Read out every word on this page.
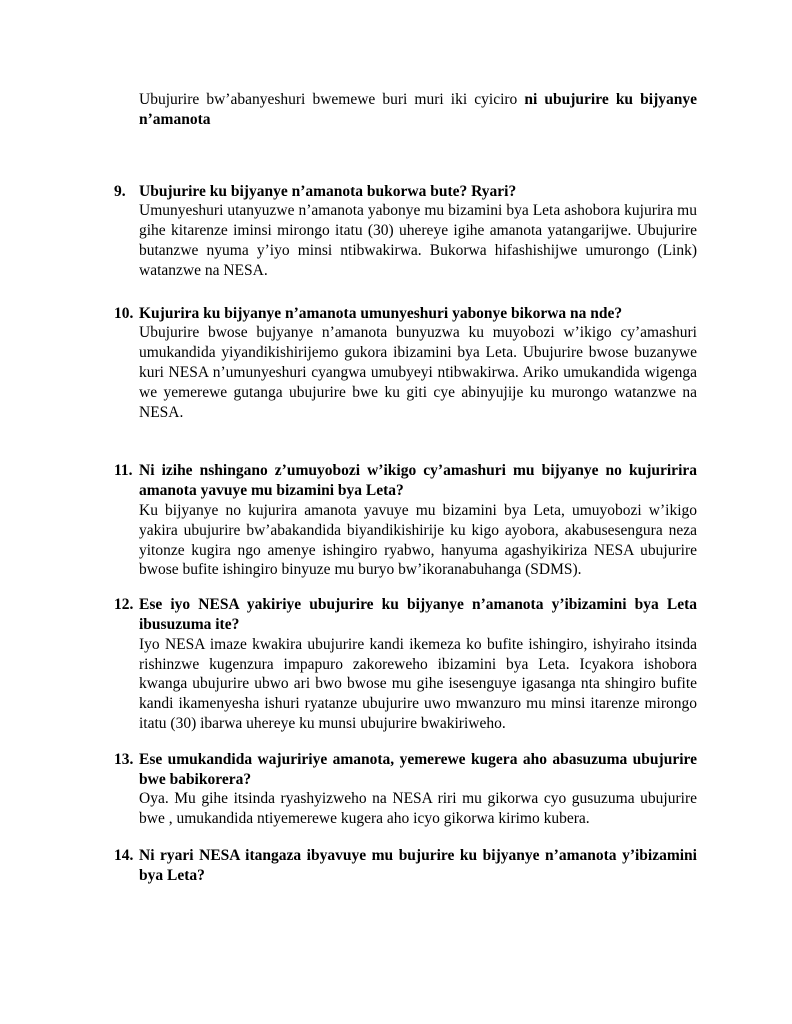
Ubujurire bw’abanyeshuri bwemewe buri muri iki cyiciro ni ubujurire ku bijyanye n’amanota

9. Ubujurire ku bijyanye n’amanota bukorwa bute? Ryari?
Umunyeshuri utanyuzwe n’amanota yabonye mu bizamini bya Leta ashobora kujurira mu gihe kitarenze iminsi mirongo itatu (30) uhereye igihe amanota yatangarijwe. Ubujurire butanzwe nyuma y’iyo minsi ntibwakirwa. Bukorwa hifashishijwe umurongo (Link) watanzwe na NESA.
10. Kujurira ku bijyanye n’amanota umunyeshuri yabonye bikorwa na nde?
Ubujurire bwose bujyanye n’amanota bunyuzwa ku muyobozi w’ikigo cy’amashuri umukandida yiyandikishirijemo gukora ibizamini bya Leta. Ubujurire bwose buzanywe kuri NESA n’umunyeshuri cyangwa umubyeyi ntibwakirwa. Ariko umukandida wigenga we yemerewe gutanga ubujurire bwe ku giti cye abinyujije ku murongo watanzwe na NESA.
11. Ni izihe nshingano z’umuyobozi w’ikigo cy’amashuri mu bijyanye no kujuririra amanota yavuye mu bizamini bya Leta?
Ku bijyanye no kujurira amanota yavuye mu bizamini bya Leta, umuyobozi w’ikigo yakira ubujurire bw’abakandida biyandikishirije ku kigo ayobora, akabusesengura neza yitonze kugira ngo amenye ishingiro ryabwo, hanyuma agashyikiriza NESA ubujurire bwose bufite ishingiro binyuze mu buryo bw’ikoranabuhanga (SDMS).
12. Ese iyo NESA yakiriye ubujurire ku bijyanye n’amanota y’ibizamini bya Leta ibusuzuma ite?
Iyo NESA imaze kwakira ubujurire kandi ikemeza ko bufite ishingiro, ishyiraho itsinda rishinzwe kugenzura impapuro zakoreweho ibizamini bya Leta. Icyakora ishobora kwanga ubujurire ubwo ari bwo bwose mu gihe isesenguye igasanga nta shingiro bufite kandi ikamenyesha ishuri ryatanze ubujurire uwo mwanzuro mu minsi itarenze mirongo itatu (30) ibarwa uhereye ku munsi ubujurire bwakiriweho.
13. Ese umukandida wajuririye amanota, yemerewe kugera aho abasuzuma ubujurire bwe babikorera?
Oya. Mu gihe itsinda ryashyizweho na NESA riri mu gikorwa cyo gusuzuma ubujurire bwe , umukandida ntiyemerewe kugera aho icyo gikorwa kirimo kubera.
14. Ni ryari NESA itangaza ibyavuye mu bujurire ku bijyanye n’amanota y’ibizamini bya Leta?
